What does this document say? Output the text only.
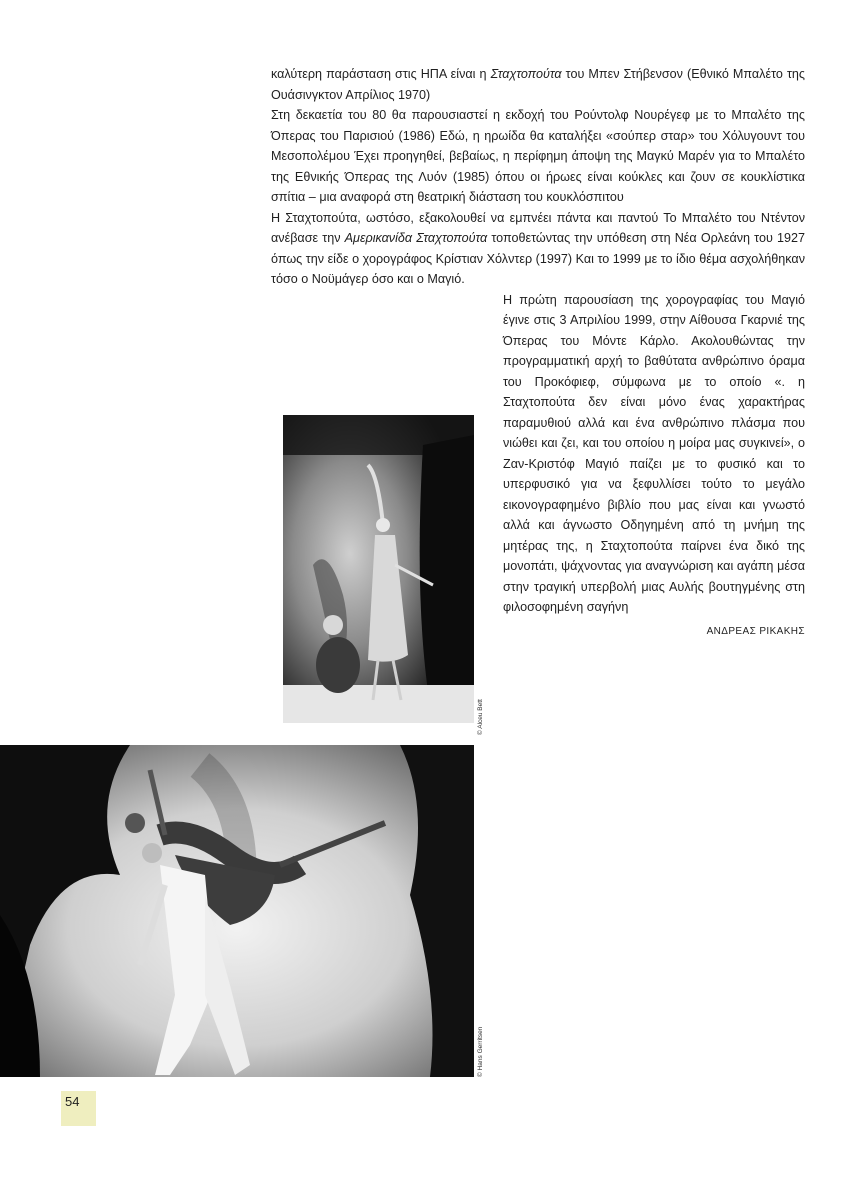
© Alceu Bett
© Hans Gerritsen

καλύτερη παράσταση στις ΗΠΑ είναι η Σταχτοπούτα του Μπεν Στήβενσον (Εθνικό Μπαλέτο της Ουάσινγκτον Απρίλιος 1970)

Στη δεκαετία του 80 θα παρουσιαστεί η εκδοχή του Ρούντολφ Νουρέγεφ με το Μπαλέτο της Όπερας του Παρισιού (1986) Εδώ, η ηρωίδα θα καταλήξει «σούπερ σταρ» του Χόλυγουντ του Μεσοπολέμου Έχει προηγηθεί, βεβαίως, η περίφημη άποψη της Μαγκύ Μαρέν για το Μπαλέτο της Εθνικής Όπερας της Λυόν (1985) όπου οι ήρωες είναι κούκλες και ζουν σε κουκλίστικα σπίτια – μια αναφορά στη θεατρική διάσταση του κουκλόσπιτου

Η Σταχτοπούτα, ωστόσο, εξακολουθεί να εμπνέει πάντα και παντού Το Μπαλέτο του Ντέντον ανέβασε την Αμερικανίδα Σταχτοπούτα τοποθετώντας την υπόθεση στη Νέα Ορλεάνη του 1927 όπως την είδε ο χορογράφος Κρίστιαν Χόλντερ (1997) Και το 1999 με το ίδιο θέμα ασχολήθηκαν τόσο ο Νοϋμάγερ όσο και ο Μαγιό.

Η πρώτη παρουσίαση της χορογραφίας του Μαγιό έγινε στις 3 Απριλίου 1999, στην Αίθουσα Γκαρνιέ της Όπερας του Μόντε Κάρλο. Ακολουθώντας την προγραμματική αρχή το βαθύτατα ανθρώπινο όραμα του Προκόφιεφ, σύμφωνα με το οποίο «. η Σταχτοπούτα δεν είναι μόνο ένας χαρακτήρας παραμυθιού αλλά και ένα ανθρώπινο πλάσμα που νιώθει και ζει, και του οποίου η μοίρα μας συγκινεί», ο Ζαν-Κριστόφ Μαγιό παίζει με το φυσικό και το υπερφυσικό για να ξεφυλλίσει τούτο το μεγάλο εικονογραφημένο βιβλίο που μας είναι και γνωστό αλλά και άγνωστο Οδηγημένη από τη μνήμη της μητέρας της, η Σταχτοπούτα παίρνει ένα δικό της μονοπάτι, ψάχνοντας για αναγνώριση και αγάπη μέσα στην τραγική υπερβολή μιας Αυλής βουτηγμένης στη φιλοσοφημένη σαγήνη

ΑΝΔΡΕΑΣ ΡΙΚΑΚΗΣ

54
